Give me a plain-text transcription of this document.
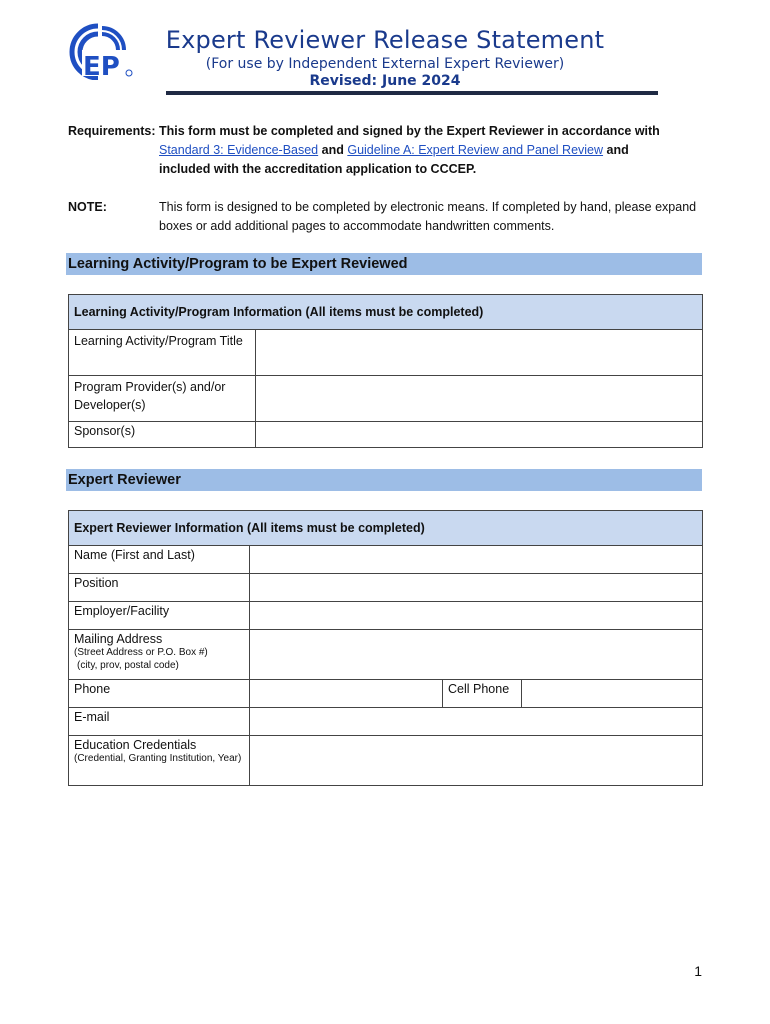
EP
Expert Reviewer Release Statement
(For use by Independent External Expert Reviewer)
Revised: June 2024
Requirements: This form must be completed and signed by the Expert Reviewer in accordance with
Standard 3: Evidence-Based and Guideline A: Expert Review and Panel Review and
included with the accreditation application to CCCEP.
NOTE:	This form is designed to be completed by electronic means. If completed by hand, please expand boxes or add additional pages to accommodate handwritten comments.
Learning Activity/Program to be Expert Reviewed
Learning Activity/Program Information (All items must be completed)	
Learning Activity/Program Title	
Program Provider(s) and/or Developer(s)	
Sponsor(s)	
Expert Reviewer
Expert Reviewer Information (All items must be completed)			
Name (First and Last)			
Position			
Employer/Facility			

Mailing Address
(Street Address or P.O. Box #)
(city, prov, postal code)			

Phone		Cell Phone	
E-mail			

Education Credentials
(Credential, Granting Institution, Year)			

1
